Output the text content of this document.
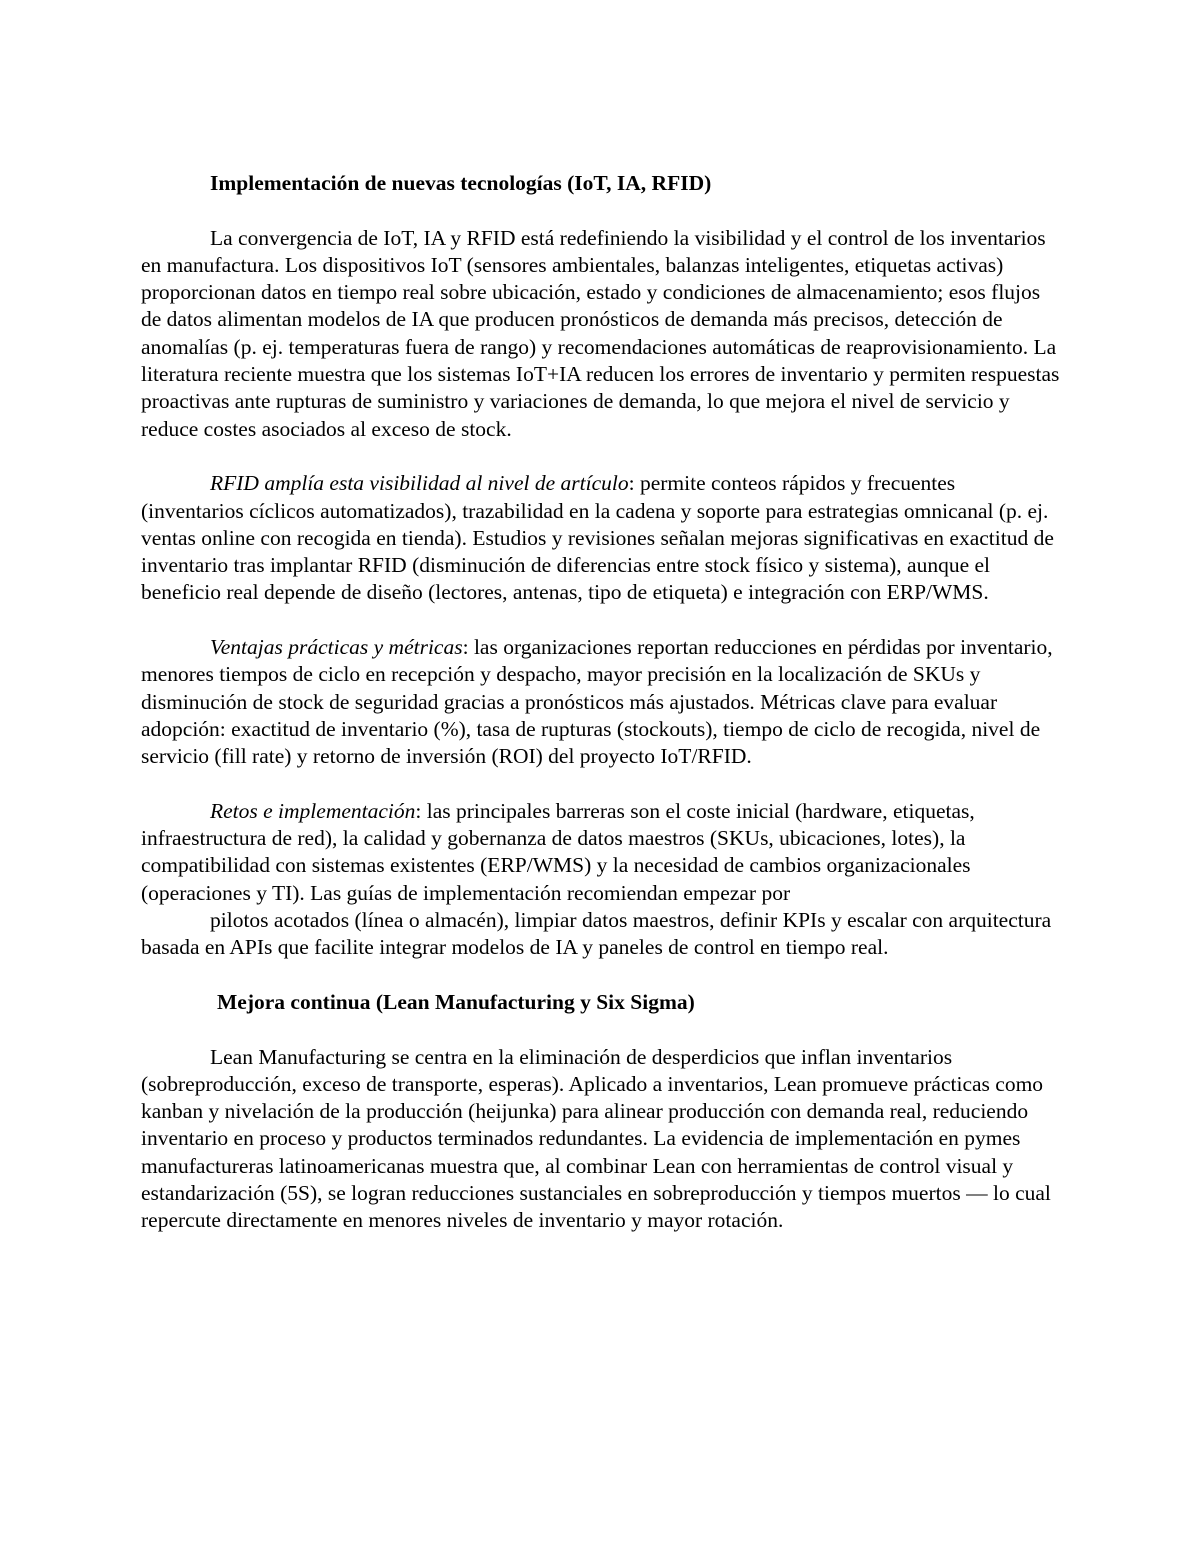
Implementación de nuevas tecnologías (IoT, IA, RFID)

La convergencia de IoT, IA y RFID está redefiniendo la visibilidad y el control de los inventarios en manufactura. Los dispositivos IoT (sensores ambientales, balanzas inteligentes, etiquetas activas) proporcionan datos en tiempo real sobre ubicación, estado y condiciones de almacenamiento; esos flujos de datos alimentan modelos de IA que producen pronósticos de demanda más precisos, detección de anomalías (p. ej. temperaturas fuera de rango) y recomendaciones automáticas de reaprovisionamiento. La literatura reciente muestra que los sistemas IoT+IA reducen los errores de inventario y permiten respuestas proactivas ante rupturas de suministro y variaciones de demanda, lo que mejora el nivel de servicio y reduce costes asociados al exceso de stock.

RFID amplía esta visibilidad al nivel de artículo: permite conteos rápidos y frecuentes (inventarios cíclicos automatizados), trazabilidad en la cadena y soporte para estrategias omnicanal (p. ej. ventas online con recogida en tienda). Estudios y revisiones señalan mejoras significativas en exactitud de inventario tras implantar RFID (disminución de diferencias entre stock físico y sistema), aunque el beneficio real depende de diseño (lectores, antenas, tipo de etiqueta) e integración con ERP/WMS.

Ventajas prácticas y métricas: las organizaciones reportan reducciones en pérdidas por inventario, menores tiempos de ciclo en recepción y despacho, mayor precisión en la localización de SKUs y disminución de stock de seguridad gracias a pronósticos más ajustados. Métricas clave para evaluar adopción: exactitud de inventario (%), tasa de rupturas (stockouts), tiempo de ciclo de recogida, nivel de servicio (fill rate) y retorno de inversión (ROI) del proyecto IoT/RFID.

Retos e implementación: las principales barreras son el coste inicial (hardware, etiquetas, infraestructura de red), la calidad y gobernanza de datos maestros (SKUs, ubicaciones, lotes), la compatibilidad con sistemas existentes (ERP/WMS) y la necesidad de cambios organizacionales (operaciones y TI). Las guías de implementación recomiendan empezar por

pilotos acotados (línea o almacén), limpiar datos maestros, definir KPIs y escalar con arquitectura basada en APIs que facilite integrar modelos de IA y paneles de control en tiempo real.

Mejora continua (Lean Manufacturing y Six Sigma)

Lean Manufacturing se centra en la eliminación de desperdicios que inflan inventarios (sobreproducción, exceso de transporte, esperas). Aplicado a inventarios, Lean promueve prácticas como kanban y nivelación de la producción (heijunka) para alinear producción con demanda real, reduciendo inventario en proceso y productos terminados redundantes. La evidencia de implementación en pymes manufactureras latinoamericanas muestra que, al combinar Lean con herramientas de control visual y estandarización (5S), se logran reducciones sustanciales en sobreproducción y tiempos muertos — lo cual repercute directamente en menores niveles de inventario y mayor rotación.
